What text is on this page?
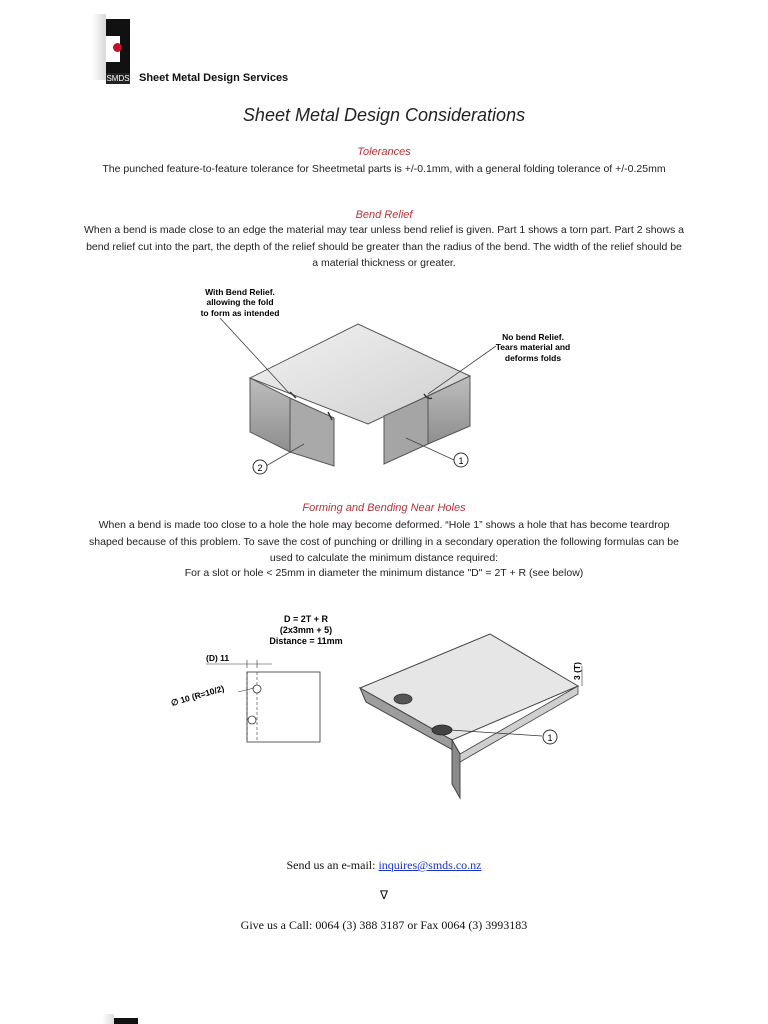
SMDS Sheet Metal Design Services
Sheet Metal Design Considerations
Tolerances
The punched feature-to-feature tolerance for Sheetmetal parts is +/-0.1mm, with a general folding tolerance of +/-0.25mm
Bend Relief
When a bend is made close to an edge the material may tear unless bend relief is given. Part 1 shows a torn part. Part 2 shows a bend relief cut into the part, the depth of the relief should be greater than the radius of the bend. The width of the relief should be a material thickness or greater.
2
1
With Bend Relief.
allowing the fold
to form as intended
No bend Relief.
Tears material and
deforms folds
Forming and Bending Near Holes
When a bend is made too close to a hole the hole may become deformed. “Hole 1” shows a hole that has become teardrop shaped because of this problem. To save the cost of punching or drilling in a secondary operation the following formulas can be used to calculate the minimum distance required:
For a slot or hole < 25mm in diameter the minimum distance "D" = 2T + R (see below)
D = 2T + R
(2x3mm + 5)
Distance = 11mm
(D) 11
∅ 10 (R=10/2)
3 (T)
1
Send us an e-mail: inquires@smds.co.nz
∇
Give us a Call: 0064 (3) 388 3187 or Fax 0064 (3) 3993183
